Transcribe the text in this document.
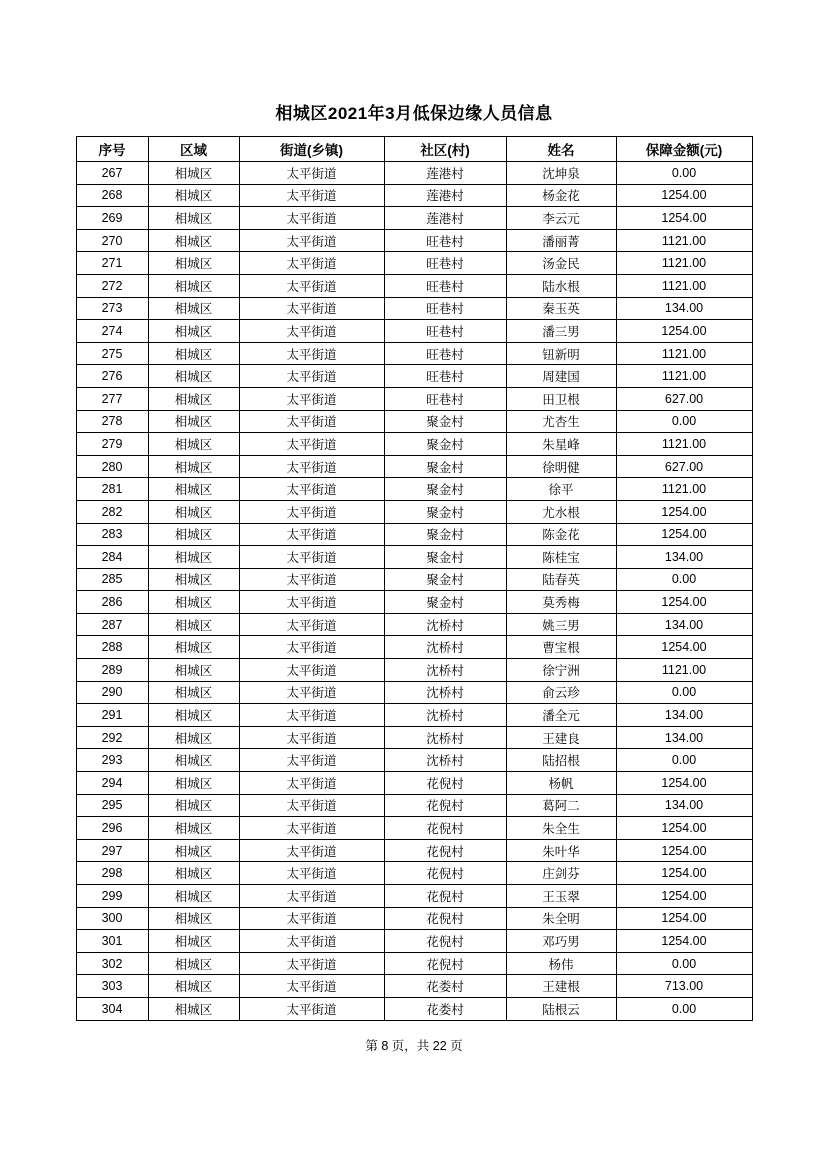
相城区2021年3月低保边缘人员信息
序号	区域	街道(乡镇)	社区(村)	姓名	保障金额(元)
267	相城区	太平街道	莲港村	沈坤泉	0.00
268	相城区	太平街道	莲港村	杨金花	1254.00
269	相城区	太平街道	莲港村	李云元	1254.00
270	相城区	太平街道	旺巷村	潘丽菁	1121.00
271	相城区	太平街道	旺巷村	汤金民	1121.00
272	相城区	太平街道	旺巷村	陆水根	1121.00
273	相城区	太平街道	旺巷村	秦玉英	134.00
274	相城区	太平街道	旺巷村	潘三男	1254.00
275	相城区	太平街道	旺巷村	钮新明	1121.00
276	相城区	太平街道	旺巷村	周建国	1121.00
277	相城区	太平街道	旺巷村	田卫根	627.00
278	相城区	太平街道	聚金村	尤杏生	0.00
279	相城区	太平街道	聚金村	朱星峰	1121.00
280	相城区	太平街道	聚金村	徐明健	627.00
281	相城区	太平街道	聚金村	徐平	1121.00
282	相城区	太平街道	聚金村	尤水根	1254.00
283	相城区	太平街道	聚金村	陈金花	1254.00
284	相城区	太平街道	聚金村	陈桂宝	134.00
285	相城区	太平街道	聚金村	陆春英	0.00
286	相城区	太平街道	聚金村	莫秀梅	1254.00
287	相城区	太平街道	沈桥村	姚三男	134.00
288	相城区	太平街道	沈桥村	曹宝根	1254.00
289	相城区	太平街道	沈桥村	徐宁洲	1121.00
290	相城区	太平街道	沈桥村	俞云珍	0.00
291	相城区	太平街道	沈桥村	潘全元	134.00
292	相城区	太平街道	沈桥村	王建良	134.00
293	相城区	太平街道	沈桥村	陆招根	0.00
294	相城区	太平街道	花倪村	杨帆	1254.00
295	相城区	太平街道	花倪村	葛阿二	134.00
296	相城区	太平街道	花倪村	朱全生	1254.00
297	相城区	太平街道	花倪村	朱叶华	1254.00
298	相城区	太平街道	花倪村	庄剑芬	1254.00
299	相城区	太平街道	花倪村	王玉翠	1254.00
300	相城区	太平街道	花倪村	朱全明	1254.00
301	相城区	太平街道	花倪村	邓巧男	1254.00
302	相城区	太平街道	花倪村	杨伟	0.00
303	相城区	太平街道	花娄村	王建根	713.00
304	相城区	太平街道	花娄村	陆根云	0.00
第 8 页，共 22 页
